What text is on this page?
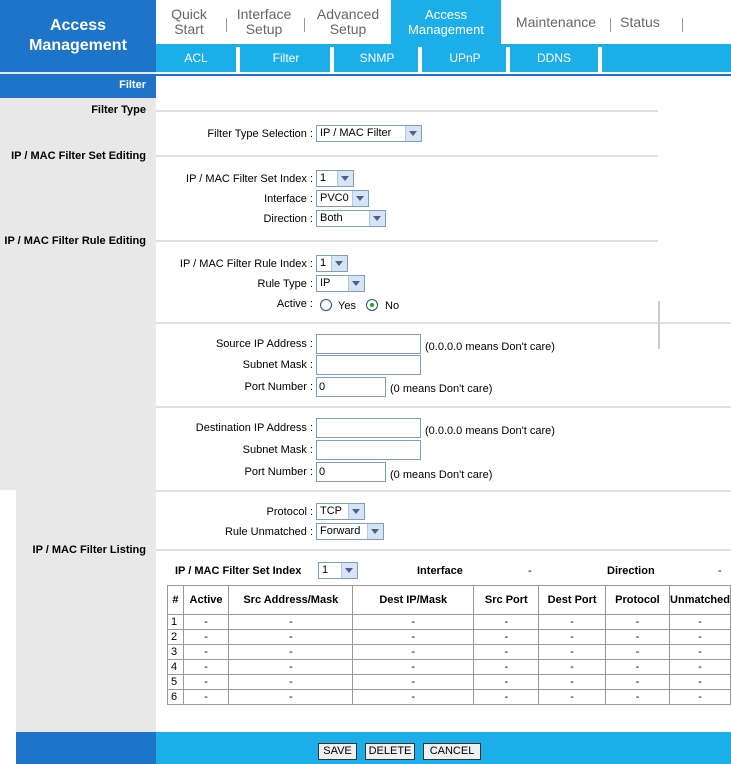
Access
Management
Quick
Start
Interface
Setup
Advanced
Setup
Access
Management	Maintenance	Status
ACL	Filter	SNMP	UPnP	DDNS
Filter
Filter Type
IP / MAC Filter Set Editing
IP / MAC Filter Rule Editing
IP / MAC Filter Listing
Filter Type Selection : IP / MAC Filter
IP / MAC Filter Set Index : 1
Interface : PVC0
Direction : Both
IP / MAC Filter Rule Index : 1
Rule Type : IP
Active : Yes	No
Source IP Address :	(0.0.0.0 means Don't care)
Subnet Mask :
Port Number : 0	(0 means Don't care)
Destination IP Address :	(0.0.0.0 means Don't care)
Subnet Mask :
Port Number : 0	(0 means Don't care)
Protocol : TCP
Rule Unmatched : Forward
IP / MAC Filter Set Index	1	Interface	-	Direction	-
#	Active	Src Address/Mask	Dest IP/Mask	Src Port	Dest Port	Protocol	Unmatched
1	-	-	-	-	-	-	-
2	-	-	-	-	-	-	-
3	-	-	-	-	-	-	-
4	-	-	-	-	-	-	-
5	-	-	-	-	-	-	-
6	-	-	-	-	-	-	-
SAVE	DELETE	CANCEL
